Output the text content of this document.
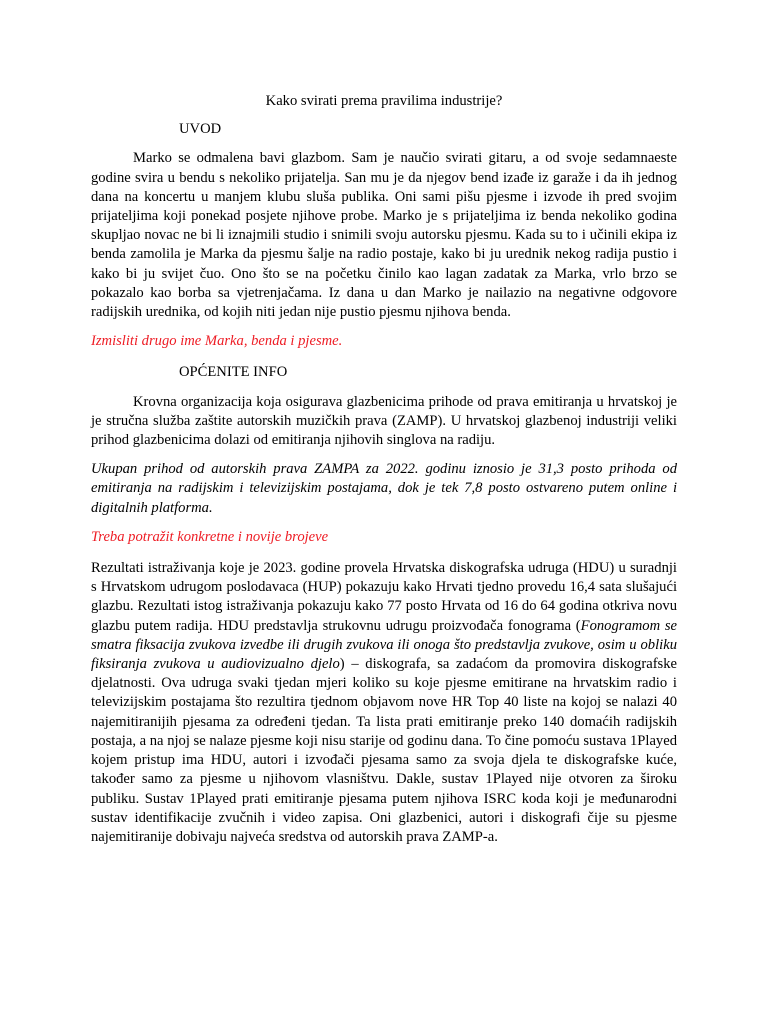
Kako svirati prema pravilima industrije?

UVOD

Marko se odmalena bavi glazbom. Sam je naučio svirati gitaru, a od svoje sedamnaeste godine svira u bendu s nekoliko prijatelja. San mu je da njegov bend izađe iz garaže i da ih jednog dana na koncertu u manjem klubu sluša publika. Oni sami pišu pjesme i izvode ih pred svojim prijateljima koji ponekad posjete njihove probe. Marko je s prijateljima iz benda nekoliko godina skupljao novac ne bi li iznajmili studio i snimili svoju autorsku pjesmu. Kada su to i učinili ekipa iz benda zamolila je Marka da pjesmu šalje na radio postaje, kako bi ju urednik nekog radija pustio i kako bi ju svijet čuo. Ono što se na početku činilo kao lagan zadatak za Marka, vrlo brzo se pokazalo kao borba sa vjetrenjačama. Iz dana u dan Marko je nailazio na negativne odgovore radijskih urednika, od kojih niti jedan nije pustio pjesmu njihova benda.

Izmisliti drugo ime Marka, benda i pjesme.

OPĆENITE INFO

Krovna organizacija koja osigurava glazbenicima prihode od prava emitiranja u hrvatskoj je je stručna služba zaštite autorskih muzičkih prava (ZAMP). U hrvatskoj glazbenoj industriji veliki prihod glazbenicima dolazi od emitiranja njihovih singlova na radiju.

Ukupan prihod od autorskih prava ZAMPA za 2022. godinu iznosio je 31,3 posto prihoda od emitiranja na radijskim i televizijskim postajama, dok je tek 7,8 posto ostvareno putem online i digitalnih platforma.

Treba potražit konkretne i novije brojeve

Rezultati istraživanja koje je 2023. godine provela Hrvatska diskografska udruga (HDU) u suradnji s Hrvatskom udrugom poslodavaca (HUP) pokazuju kako Hrvati tjedno provedu 16,4 sata slušajući glazbu. Rezultati istog istraživanja pokazuju kako 77 posto Hrvata od 16 do 64 godina otkriva novu glazbu putem radija. HDU predstavlja strukovnu udrugu proizvođača fonograma (Fonogramom se smatra fiksacija zvukova izvedbe ili drugih zvukova ili onoga što predstavlja zvukove, osim u obliku fiksiranja zvukova u audiovizualno djelo) – diskografa, sa zadaćom da promovira diskografske djelatnosti. Ova udruga svaki tjedan mjeri koliko su koje pjesme emitirane na hrvatskim radio i televizijskim postajama što rezultira tjednom objavom nove HR Top 40 liste na kojoj se nalazi 40 najemitiranijih pjesama za određeni tjedan. Ta lista prati emitiranje preko 140 domaćih radijskih postaja, a na njoj se nalaze pjesme koji nisu starije od godinu dana. To čine pomoću sustava 1Played kojem pristup ima HDU, autori i izvođači pjesama samo za svoja djela te diskografske kuće, također samo za pjesme u njihovom vlasništvu. Dakle, sustav 1Played nije otvoren za široku publiku. Sustav 1Played prati emitiranje pjesama putem njihova ISRC koda koji je međunarodni sustav identifikacije zvučnih i video zapisa. Oni glazbenici, autori i diskografi čije su pjesme najemitiranije dobivaju najveća sredstva od autorskih prava ZAMP-a.
